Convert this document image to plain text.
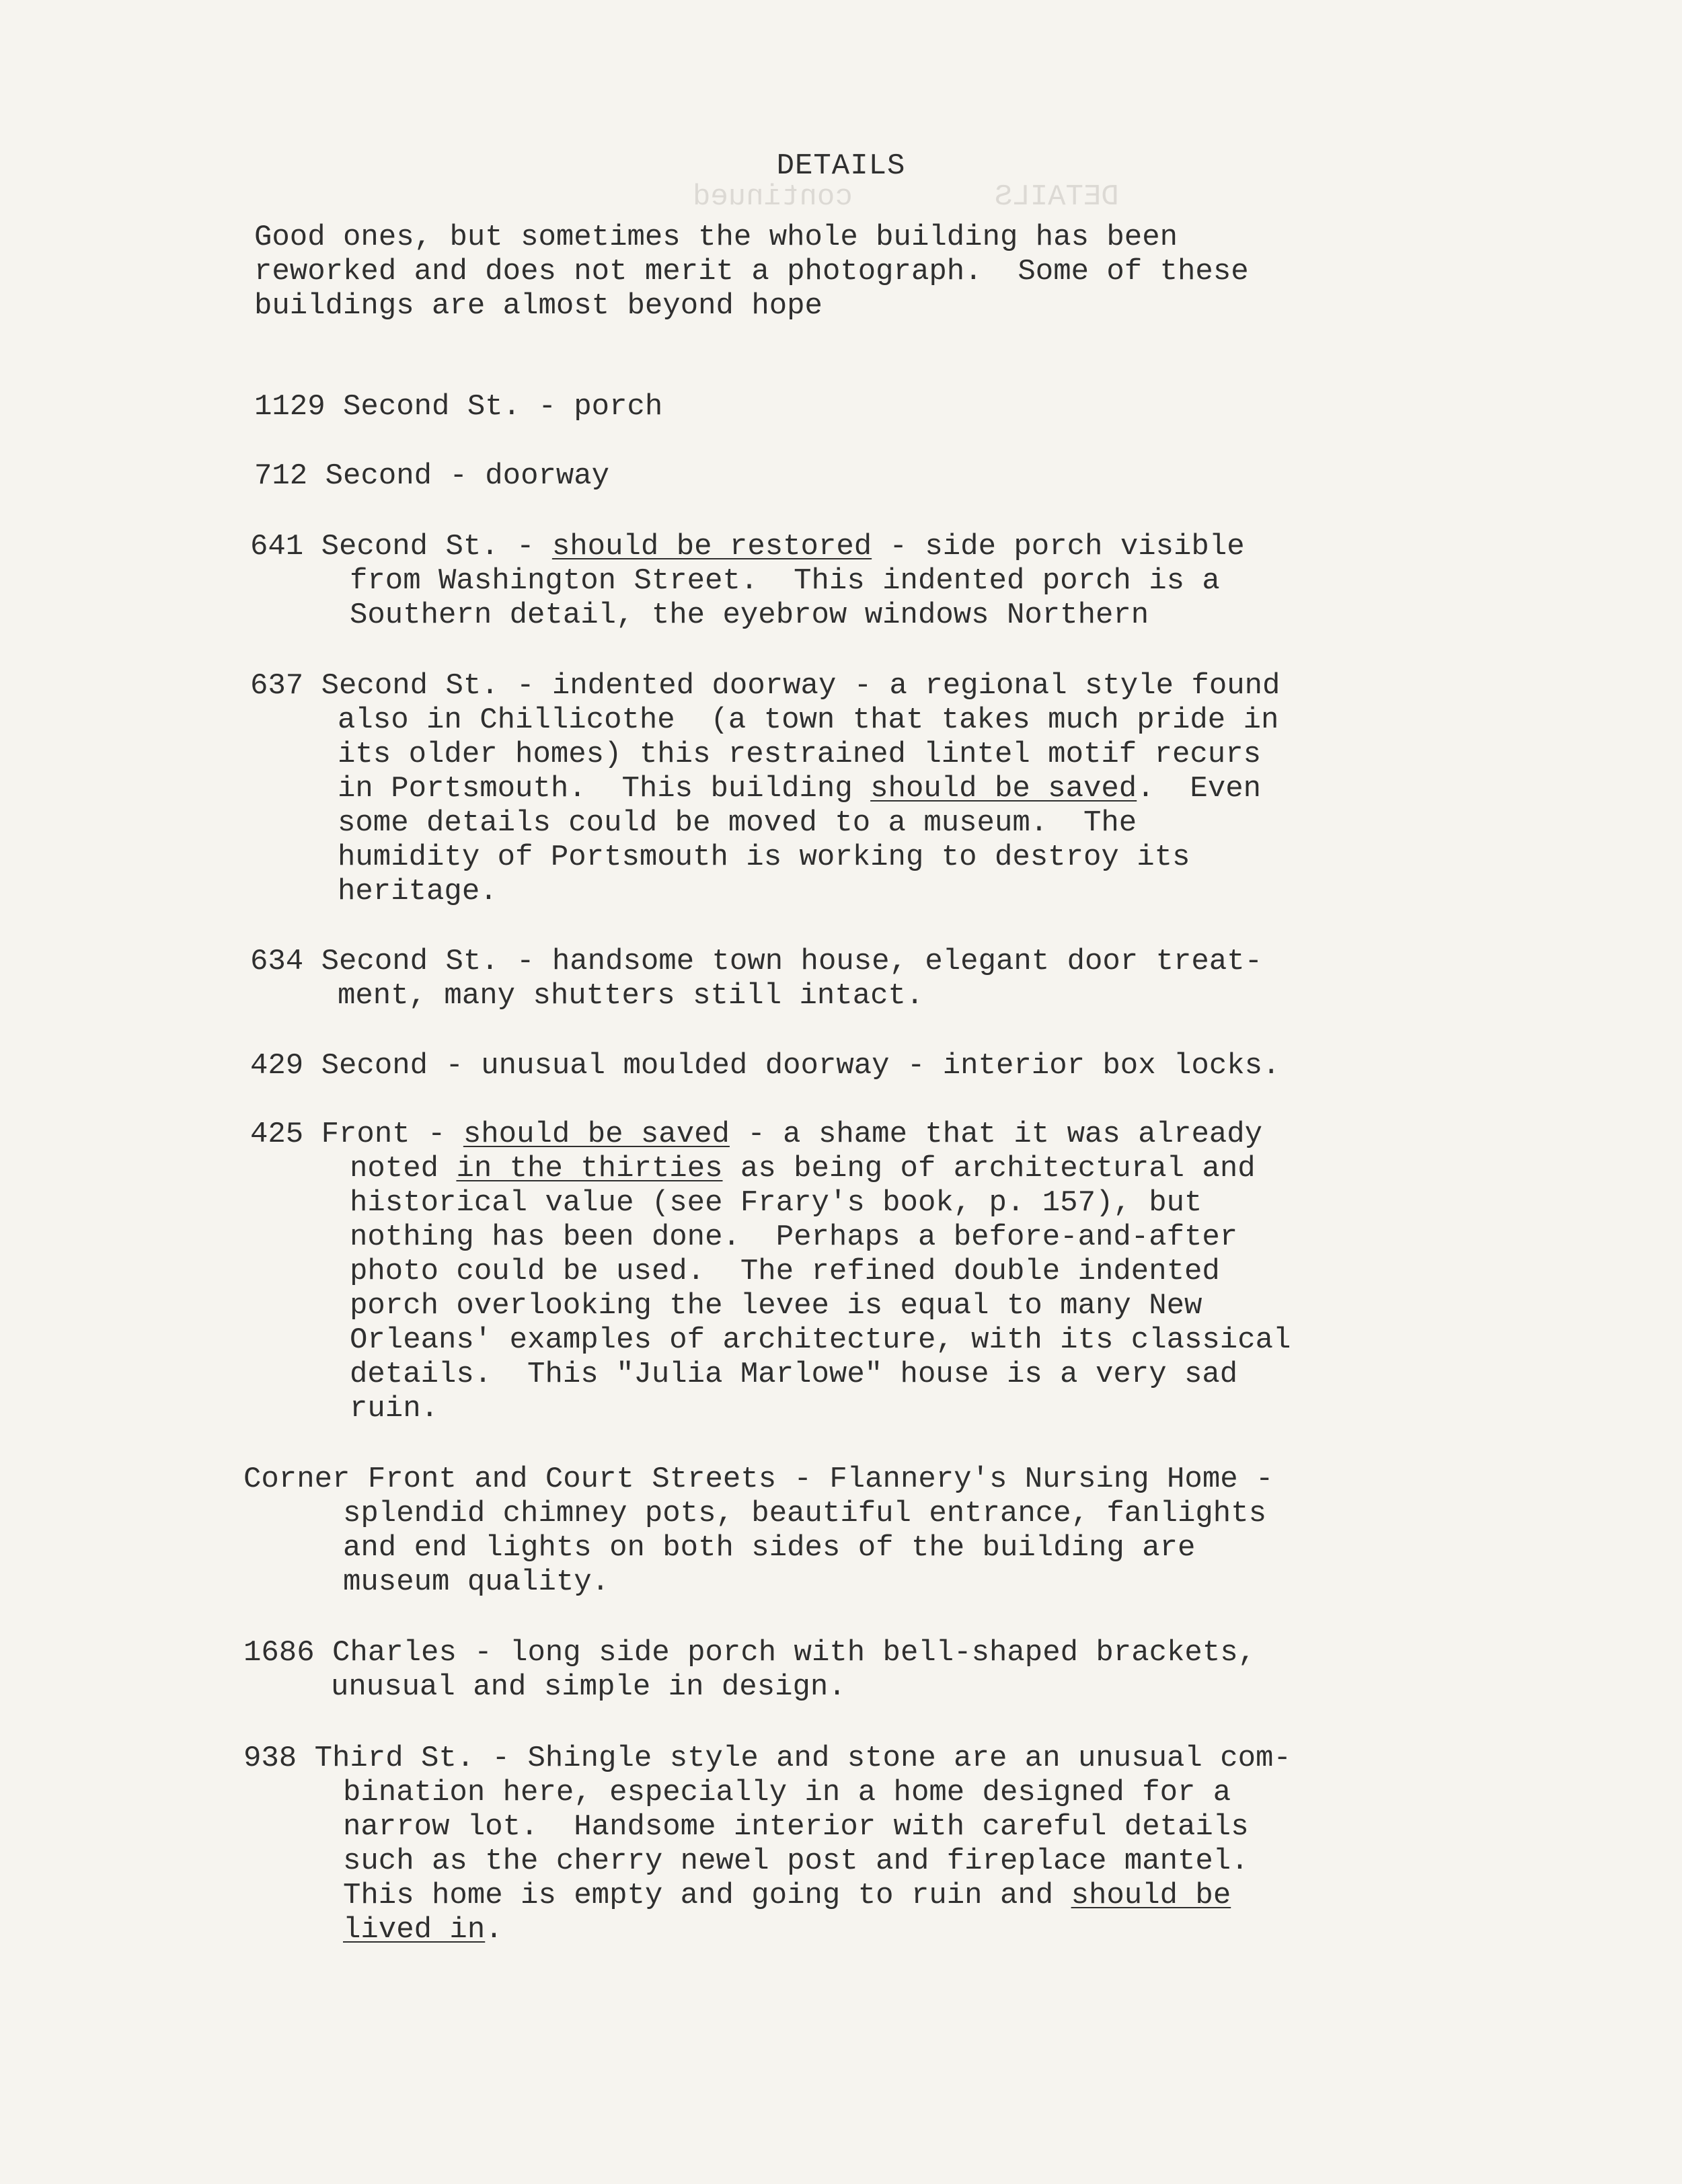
DETAILS        continued
DETAILS
Good ones, but sometimes the whole building has been
reworked and does not merit a photograph.  Some of these
buildings are almost beyond hope
1129 Second St. - porch
712 Second - doorway
641 Second St. - should be restored - side porch visible
from Washington Street.  This indented porch is a
Southern detail, the eyebrow windows Northern
637 Second St. - indented doorway - a regional style found
also in Chillicothe  (a town that takes much pride in
its older homes) this restrained lintel motif recurs
in Portsmouth.  This building should be saved.  Even
some details could be moved to a museum.  The
humidity of Portsmouth is working to destroy its
heritage.
634 Second St. - handsome town house, elegant door treat-
ment, many shutters still intact.
429 Second - unusual moulded doorway - interior box locks.
425 Front - should be saved - a shame that it was already
noted in the thirties as being of architectural and
historical value (see Frary's book, p. 157), but
nothing has been done.  Perhaps a before-and-after
photo could be used.  The refined double indented
porch overlooking the levee is equal to many New
Orleans' examples of architecture, with its classical
details.  This "Julia Marlowe" house is a very sad
ruin.
Corner Front and Court Streets - Flannery's Nursing Home -
splendid chimney pots, beautiful entrance, fanlights
and end lights on both sides of the building are
museum quality.
1686 Charles - long side porch with bell-shaped brackets,
unusual and simple in design.
938 Third St. - Shingle style and stone are an unusual com-
bination here, especially in a home designed for a
narrow lot.  Handsome interior with careful details
such as the cherry newel post and fireplace mantel.
This home is empty and going to ruin and should be
lived in.
